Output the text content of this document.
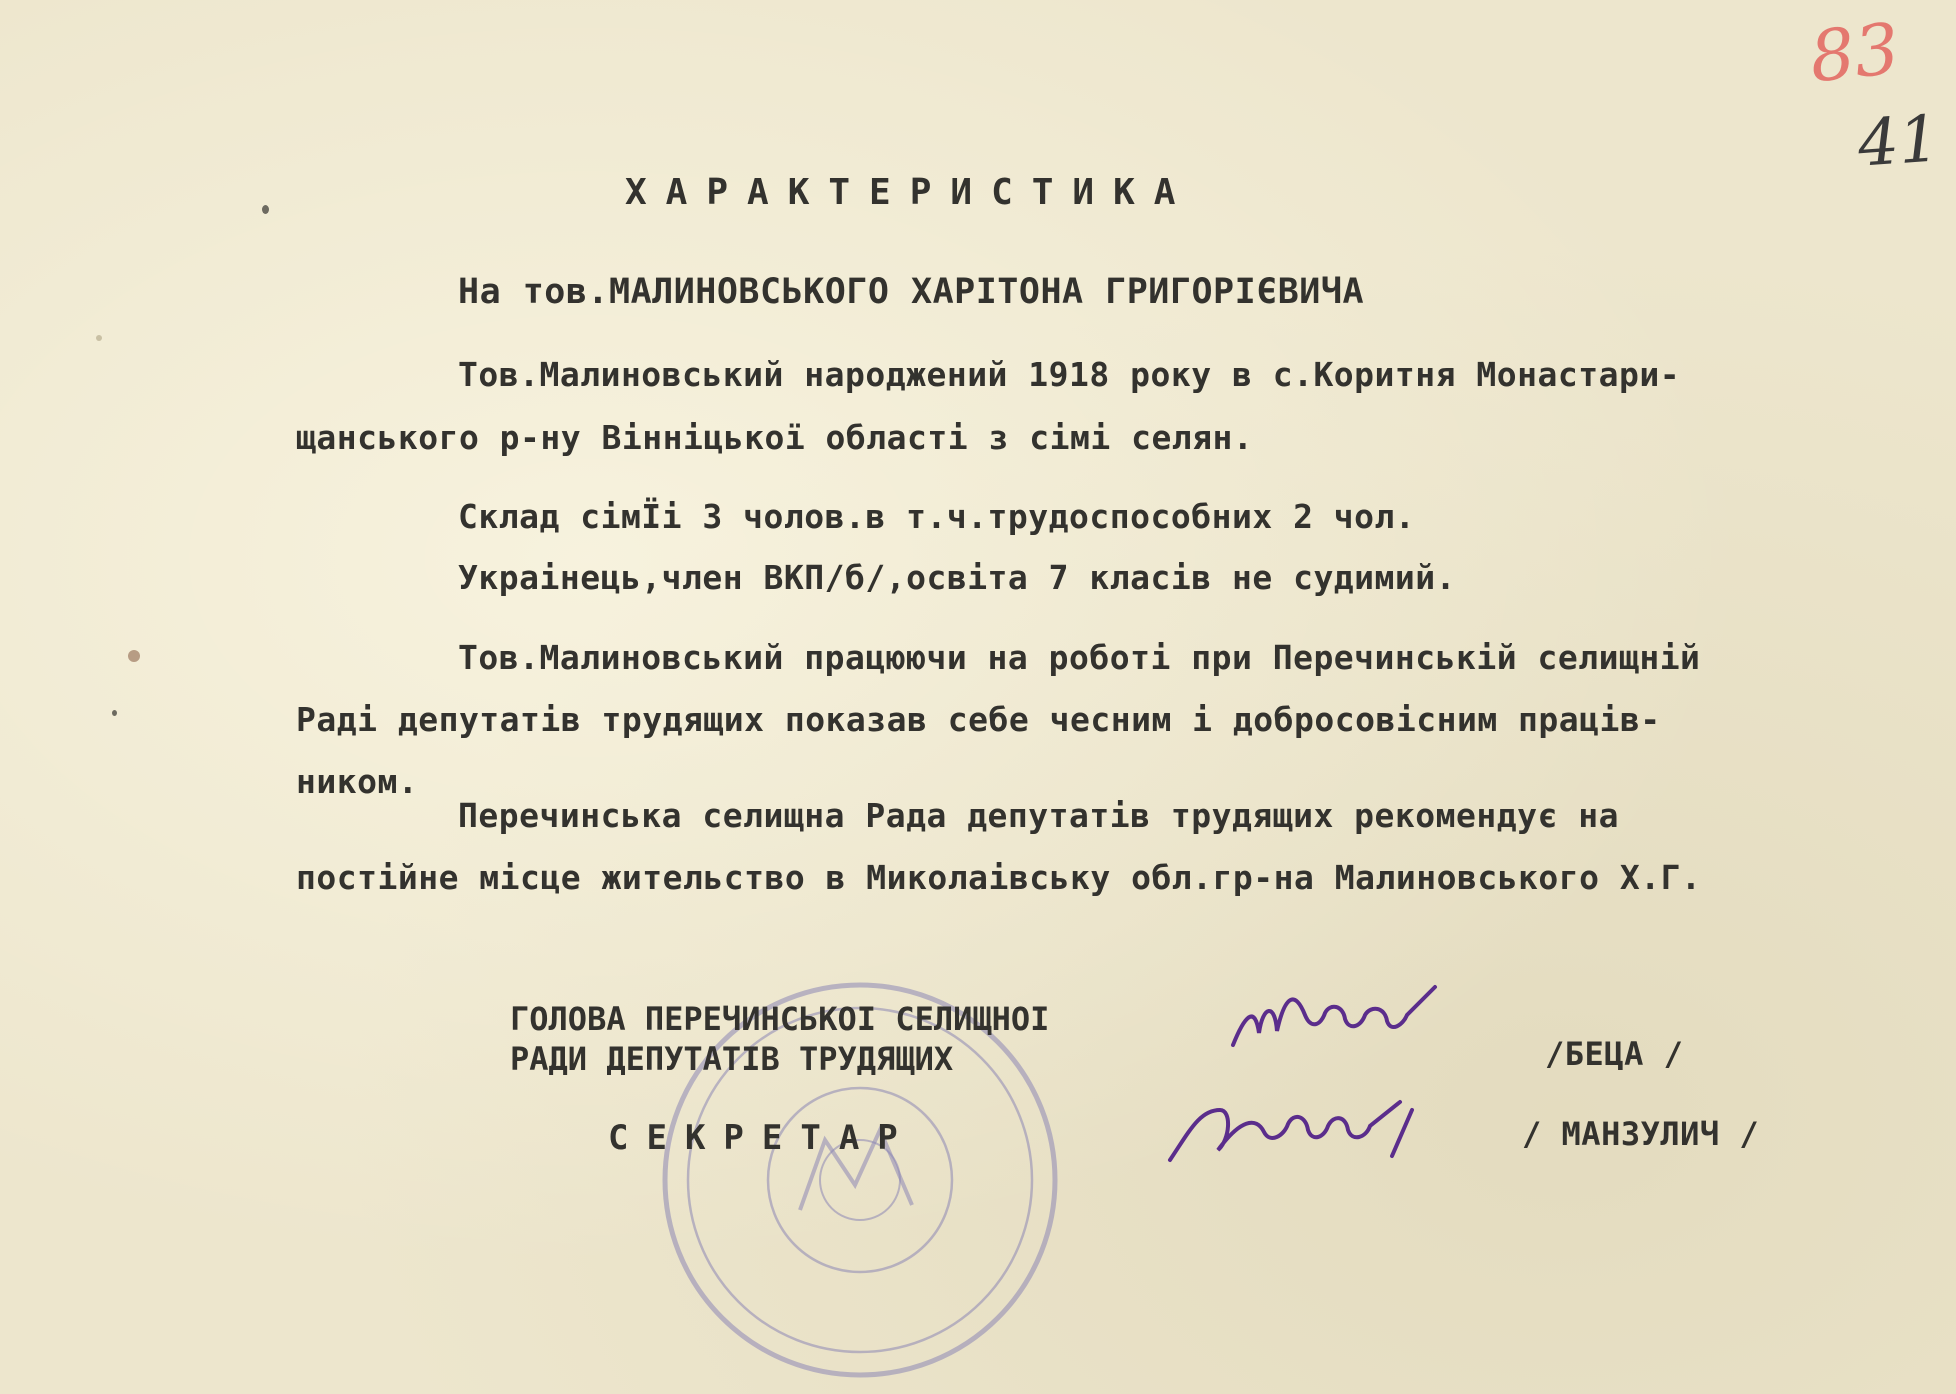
83
41
ХАРАКТЕРИСТИКА
На тов.МАЛИНОВСЬКОГО ХАРІТОНА ГРИГОРІЄВИЧА
Тов.Малиновський народжений 1918 року в с.Коритня Монастари-
щанського р-ну Вінніцької області з сімі селян.
Склад сімЇі 3 чолов.в т.ч.трудоспособних 2 чол.
Украінець,член ВКП/б/,освіта 7 класів не судимий.
Тов.Малиновський працюючи на роботі при Перечинській селищній
Раді депутатів трудящих показав себе чесним і добросовісним праців-
ником.
Перечинська селищна Рада депутатів трудящих рекомендує на
постійне місце жительство в Миколаівську обл.гр-на Малиновського Х.Г.
ГОЛОВА ПЕРЕЧИНСЬКОІ СЕЛИЩНОІ
РАДИ ДЕПУТАТІВ ТРУДЯЩИХ	/БЕЦА /
СЕКРЕТАР	/ МАНЗУЛИЧ /
